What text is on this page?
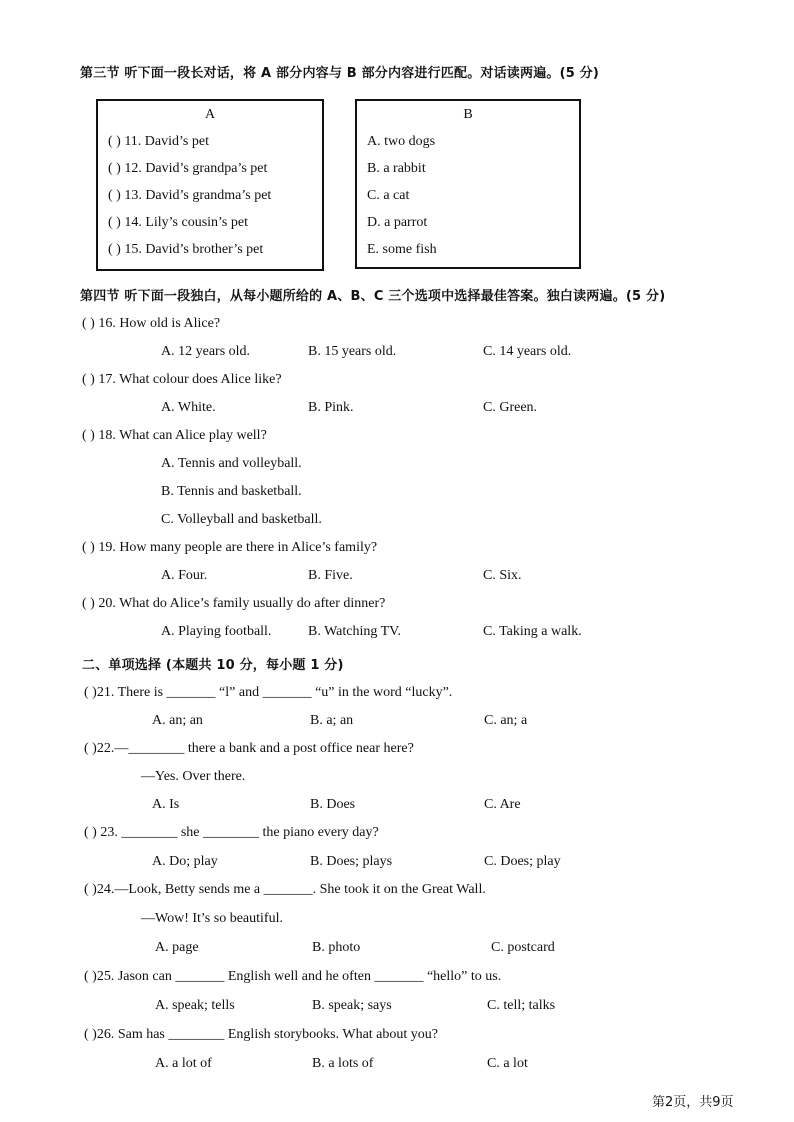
第三节 听下面一段长对话，将 A 部分内容与 B 部分内容进行匹配。对话读两遍。(5 分)
A
( ) 11. David’s pet
( ) 12. David’s grandpa’s pet
( ) 13. David’s grandma’s pet
( ) 14. Lily’s cousin’s pet
( ) 15. David’s brother’s pet
B
A. two dogs
B. a rabbit
C. a cat
D. a parrot
E. some fish
第四节 听下面一段独白，从每小题所给的 A、B、C 三个选项中选择最佳答案。独白读两遍。(5 分)
( ) 16. How old is Alice?
A. 12 years old.	B. 15 years old.	C. 14 years old.
( ) 17. What colour does Alice like?
A. White.	B. Pink.	C. Green.
( ) 18. What can Alice play well?
A. Tennis and volleyball.
B. Tennis and basketball.
C. Volleyball and basketball.
( ) 19. How many people are there in Alice’s family?
A. Four.	B. Five.	C. Six.
( ) 20. What do Alice’s family usually do after dinner?
A. Playing football.	B. Watching TV.	C. Taking a walk.
二、单项选择 (本题共 10 分，每小题 1 分)
( )21. There is _______ “l” and _______ “u” in the word “lucky”.
A. an; an	B. a; an	C. an; a
( )22.—________ there a bank and a post office near here?
—Yes. Over there.
A. Is	B. Does	C. Are
( ) 23. ________ she ________ the piano every day?
A. Do; play	B. Does; plays	C. Does; play
( )24.—Look, Betty sends me a _______. She took it on the Great Wall.
—Wow! It’s so beautiful.
A. page	B. photo	C. postcard
( )25. Jason can _______ English well and he often _______ “hello” to us.
A. speak; tells	B. speak; says	C. tell; talks
( )26. Sam has ________ English storybooks. What about you?
A. a lot of	B. a lots of	C. a lot
第2页，共9页
